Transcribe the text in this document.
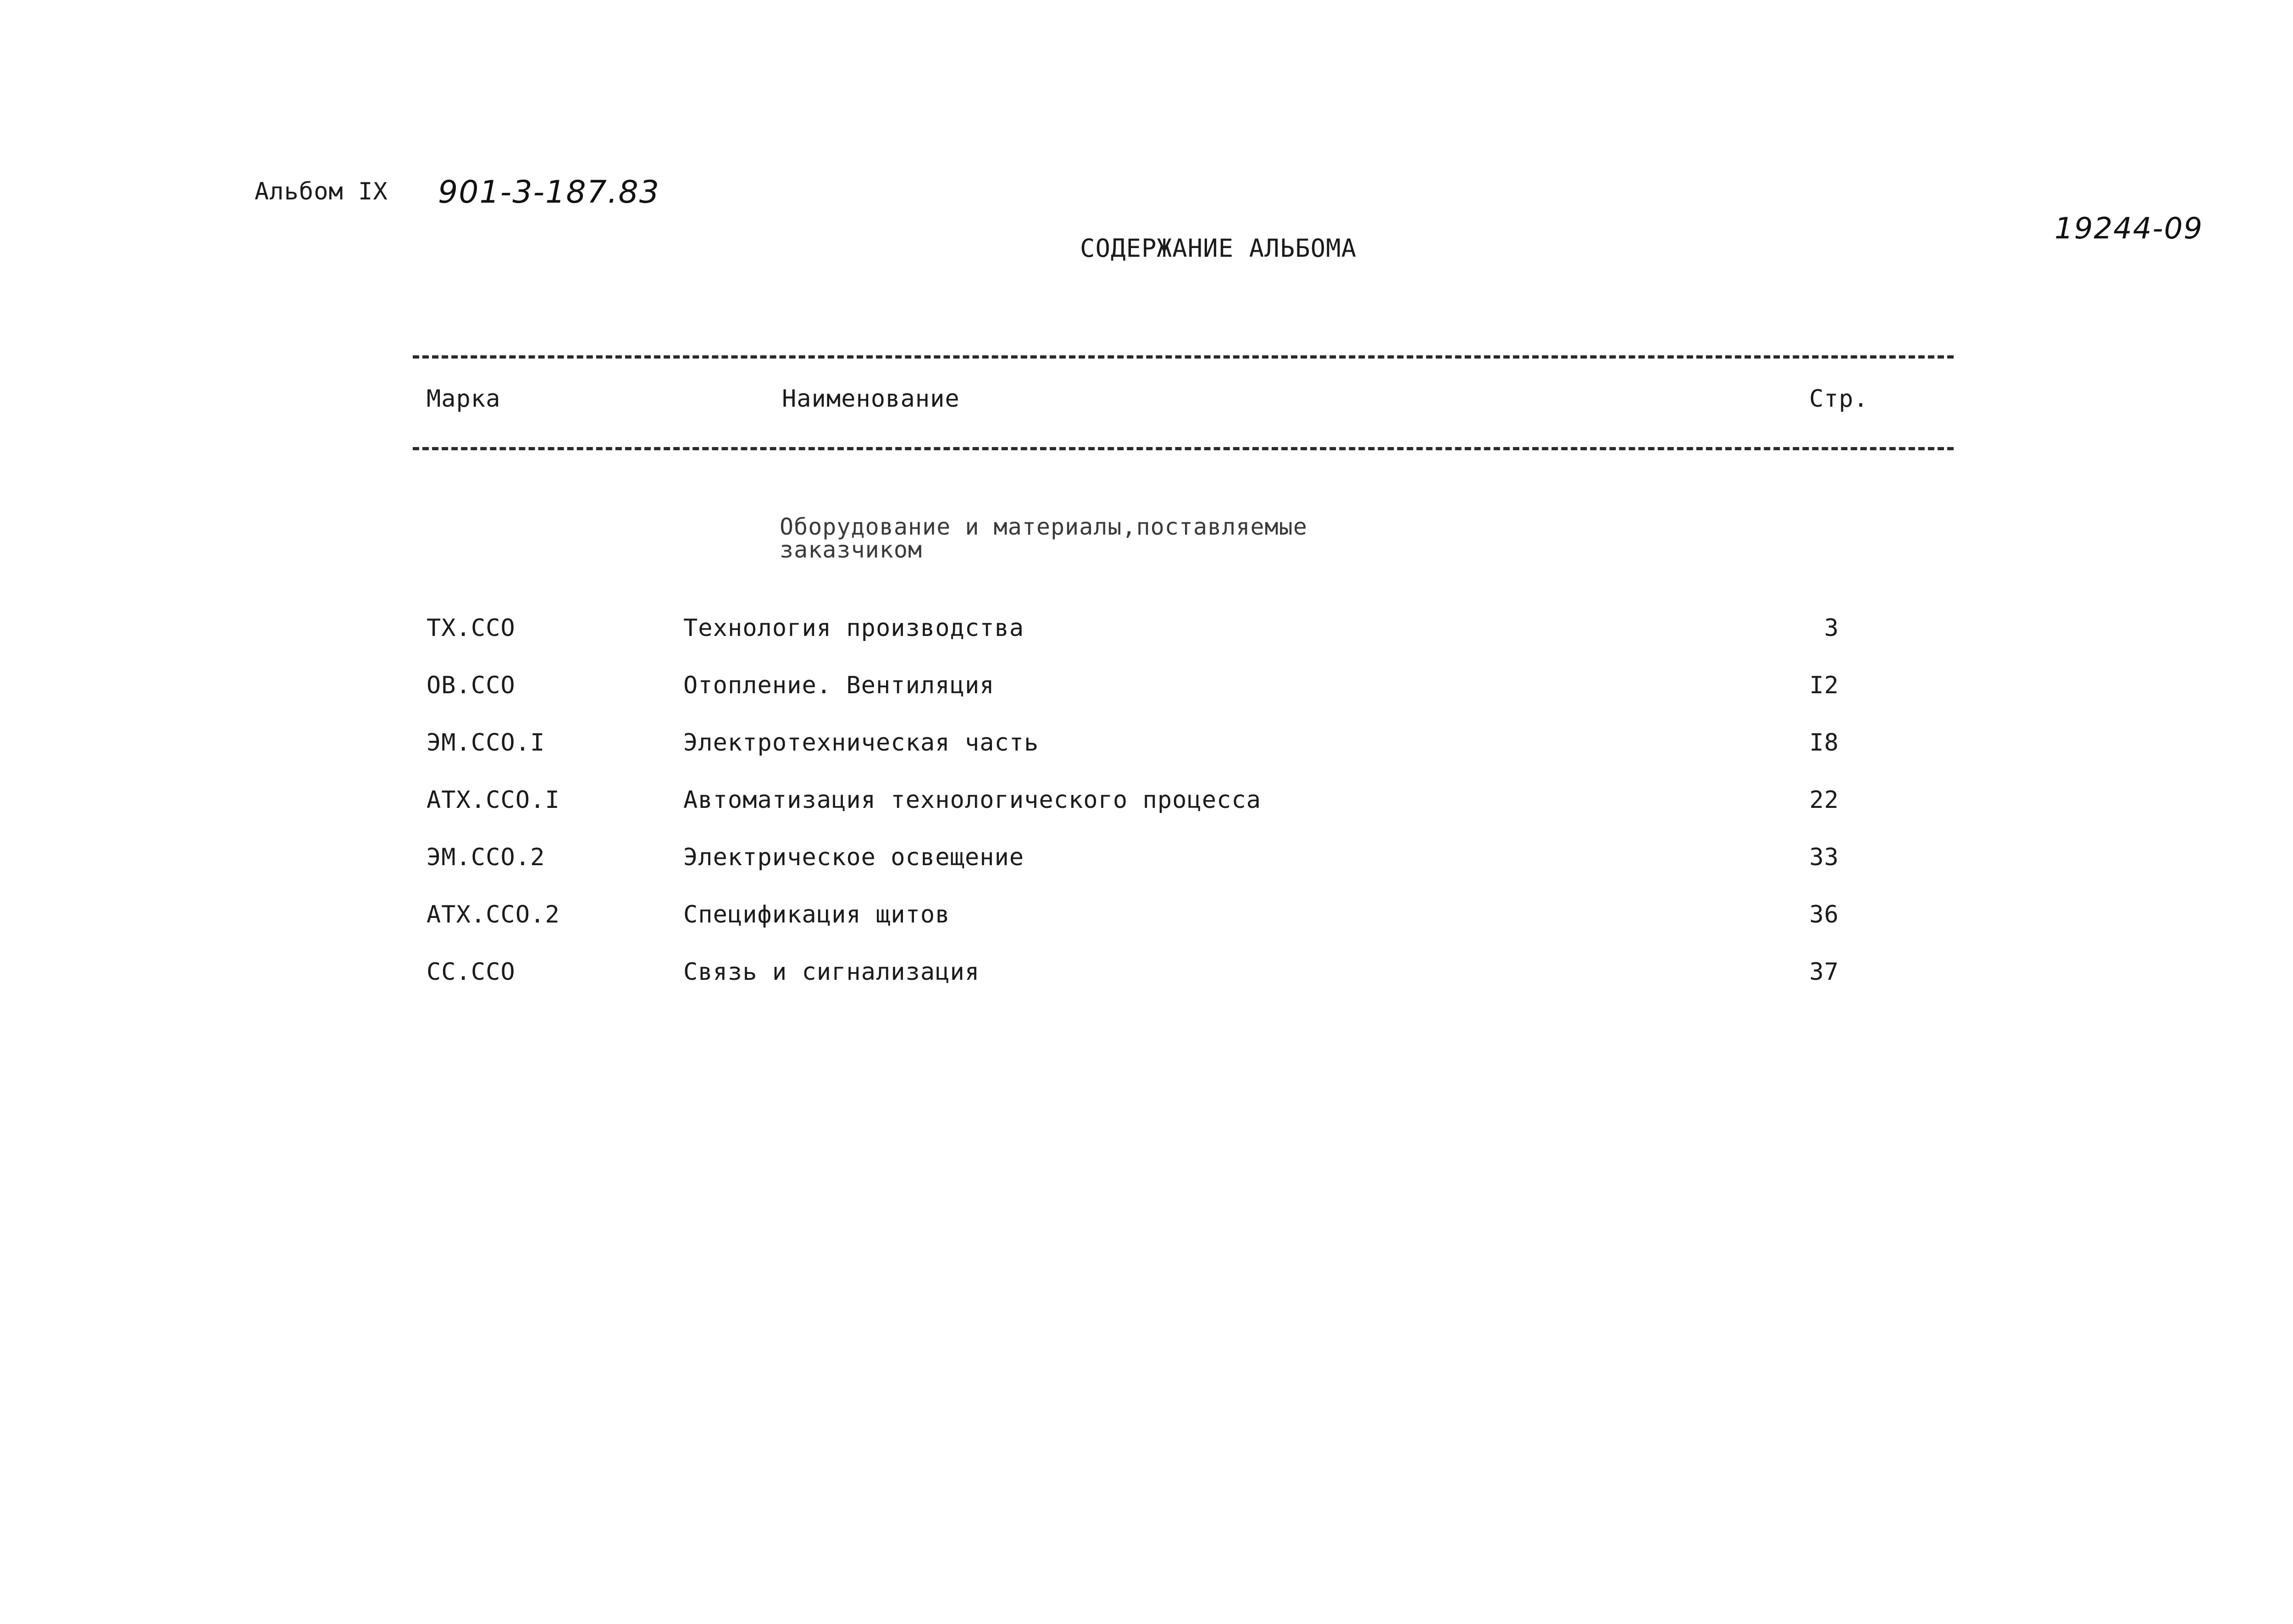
Альбом IX 901-3-187.83
19244-09
СОДЕРЖАНИЕ АЛЬБОМА
Марка	Наименование	Стр.
Оборудование и материалы,поставляемые
заказчиком
ТХ.ССО	Технология производства	3
ОВ.ССО	Отопление. Вентиляция	I2
ЭМ.ССО.I	Электротехническая часть	I8
АТХ.ССО.I	Автоматизация технологического процесса	22
ЭМ.ССО.2	Электрическое освещение	33
АТХ.ССО.2	Спецификация щитов	36
СС.ССО	Связь и сигнализация	37
